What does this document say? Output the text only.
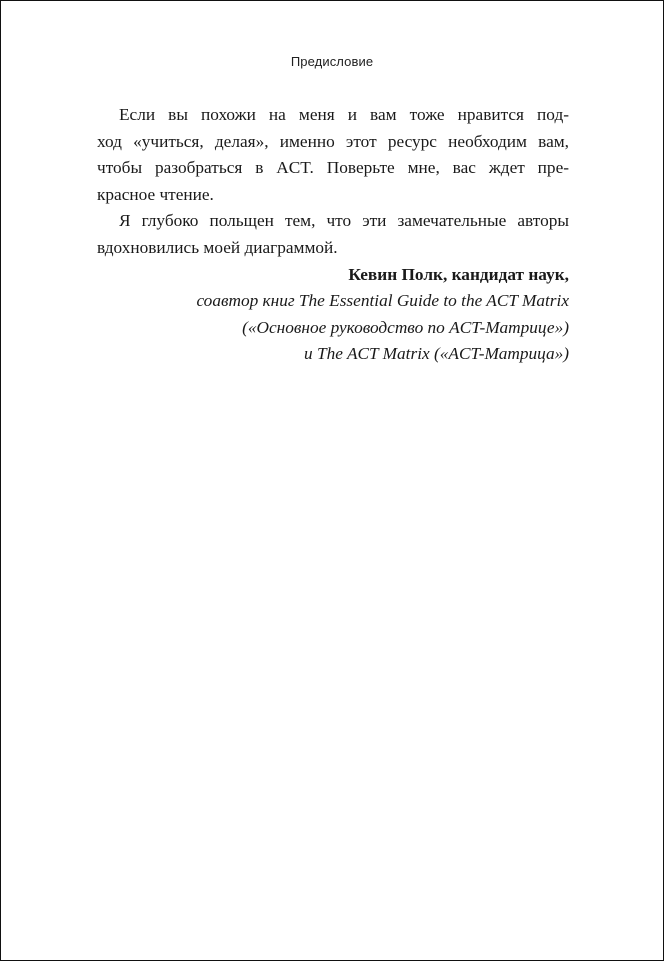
Предисловие
Если вы похожи на меня и вам тоже нравится под-
ход «учиться, делая», именно этот ресурс необходим вам,
чтобы разобраться в ACT. Поверьте мне, вас ждет пре-
красное чтение.
Я глубоко польщен тем, что эти замечательные авторы
вдохновились моей диаграммой.
Кевин Полк, кандидат наук,
соавтор книг The Essential Guide to the ACT Matrix
(«Основное руководство по ACT-Матрице»)
и The ACT Matrix («ACT-Матрица»)
